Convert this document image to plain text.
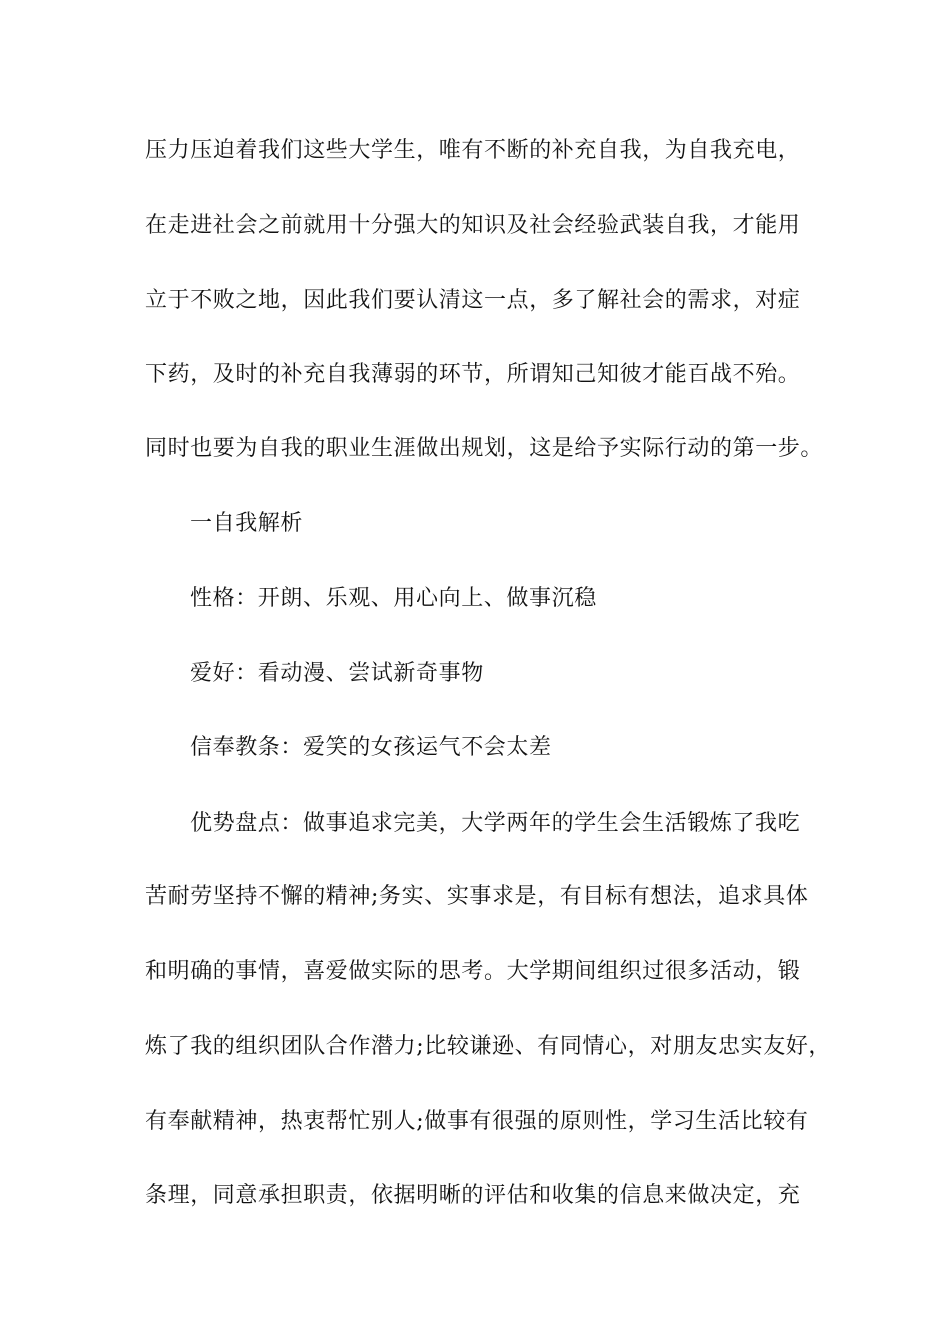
压力压迫着我们这些大学生，唯有不断的补充自我，为自我充电，
在走进社会之前就用十分强大的知识及社会经验武装自我，才能用
立于不败之地，因此我们要认清这一点，多了解社会的需求，对症
下药，及时的补充自我薄弱的环节，所谓知己知彼才能百战不殆。
同时也要为自我的职业生涯做出规划，这是给予实际行动的第一步。
一自我解析
性格：开朗、乐观、用心向上、做事沉稳
爱好：看动漫、尝试新奇事物
信奉教条：爱笑的女孩运气不会太差
优势盘点：做事追求完美，大学两年的学生会生活锻炼了我吃
苦耐劳坚持不懈的精神;务实、实事求是，有目标有想法，追求具体
和明确的事情，喜爱做实际的思考。大学期间组织过很多活动，锻
炼了我的组织团队合作潜力;比较谦逊、有同情心，对朋友忠实友好，
有奉献精神，热衷帮忙别人;做事有很强的原则性，学习生活比较有
条理，同意承担职责，依据明晰的评估和收集的信息来做决定，充
